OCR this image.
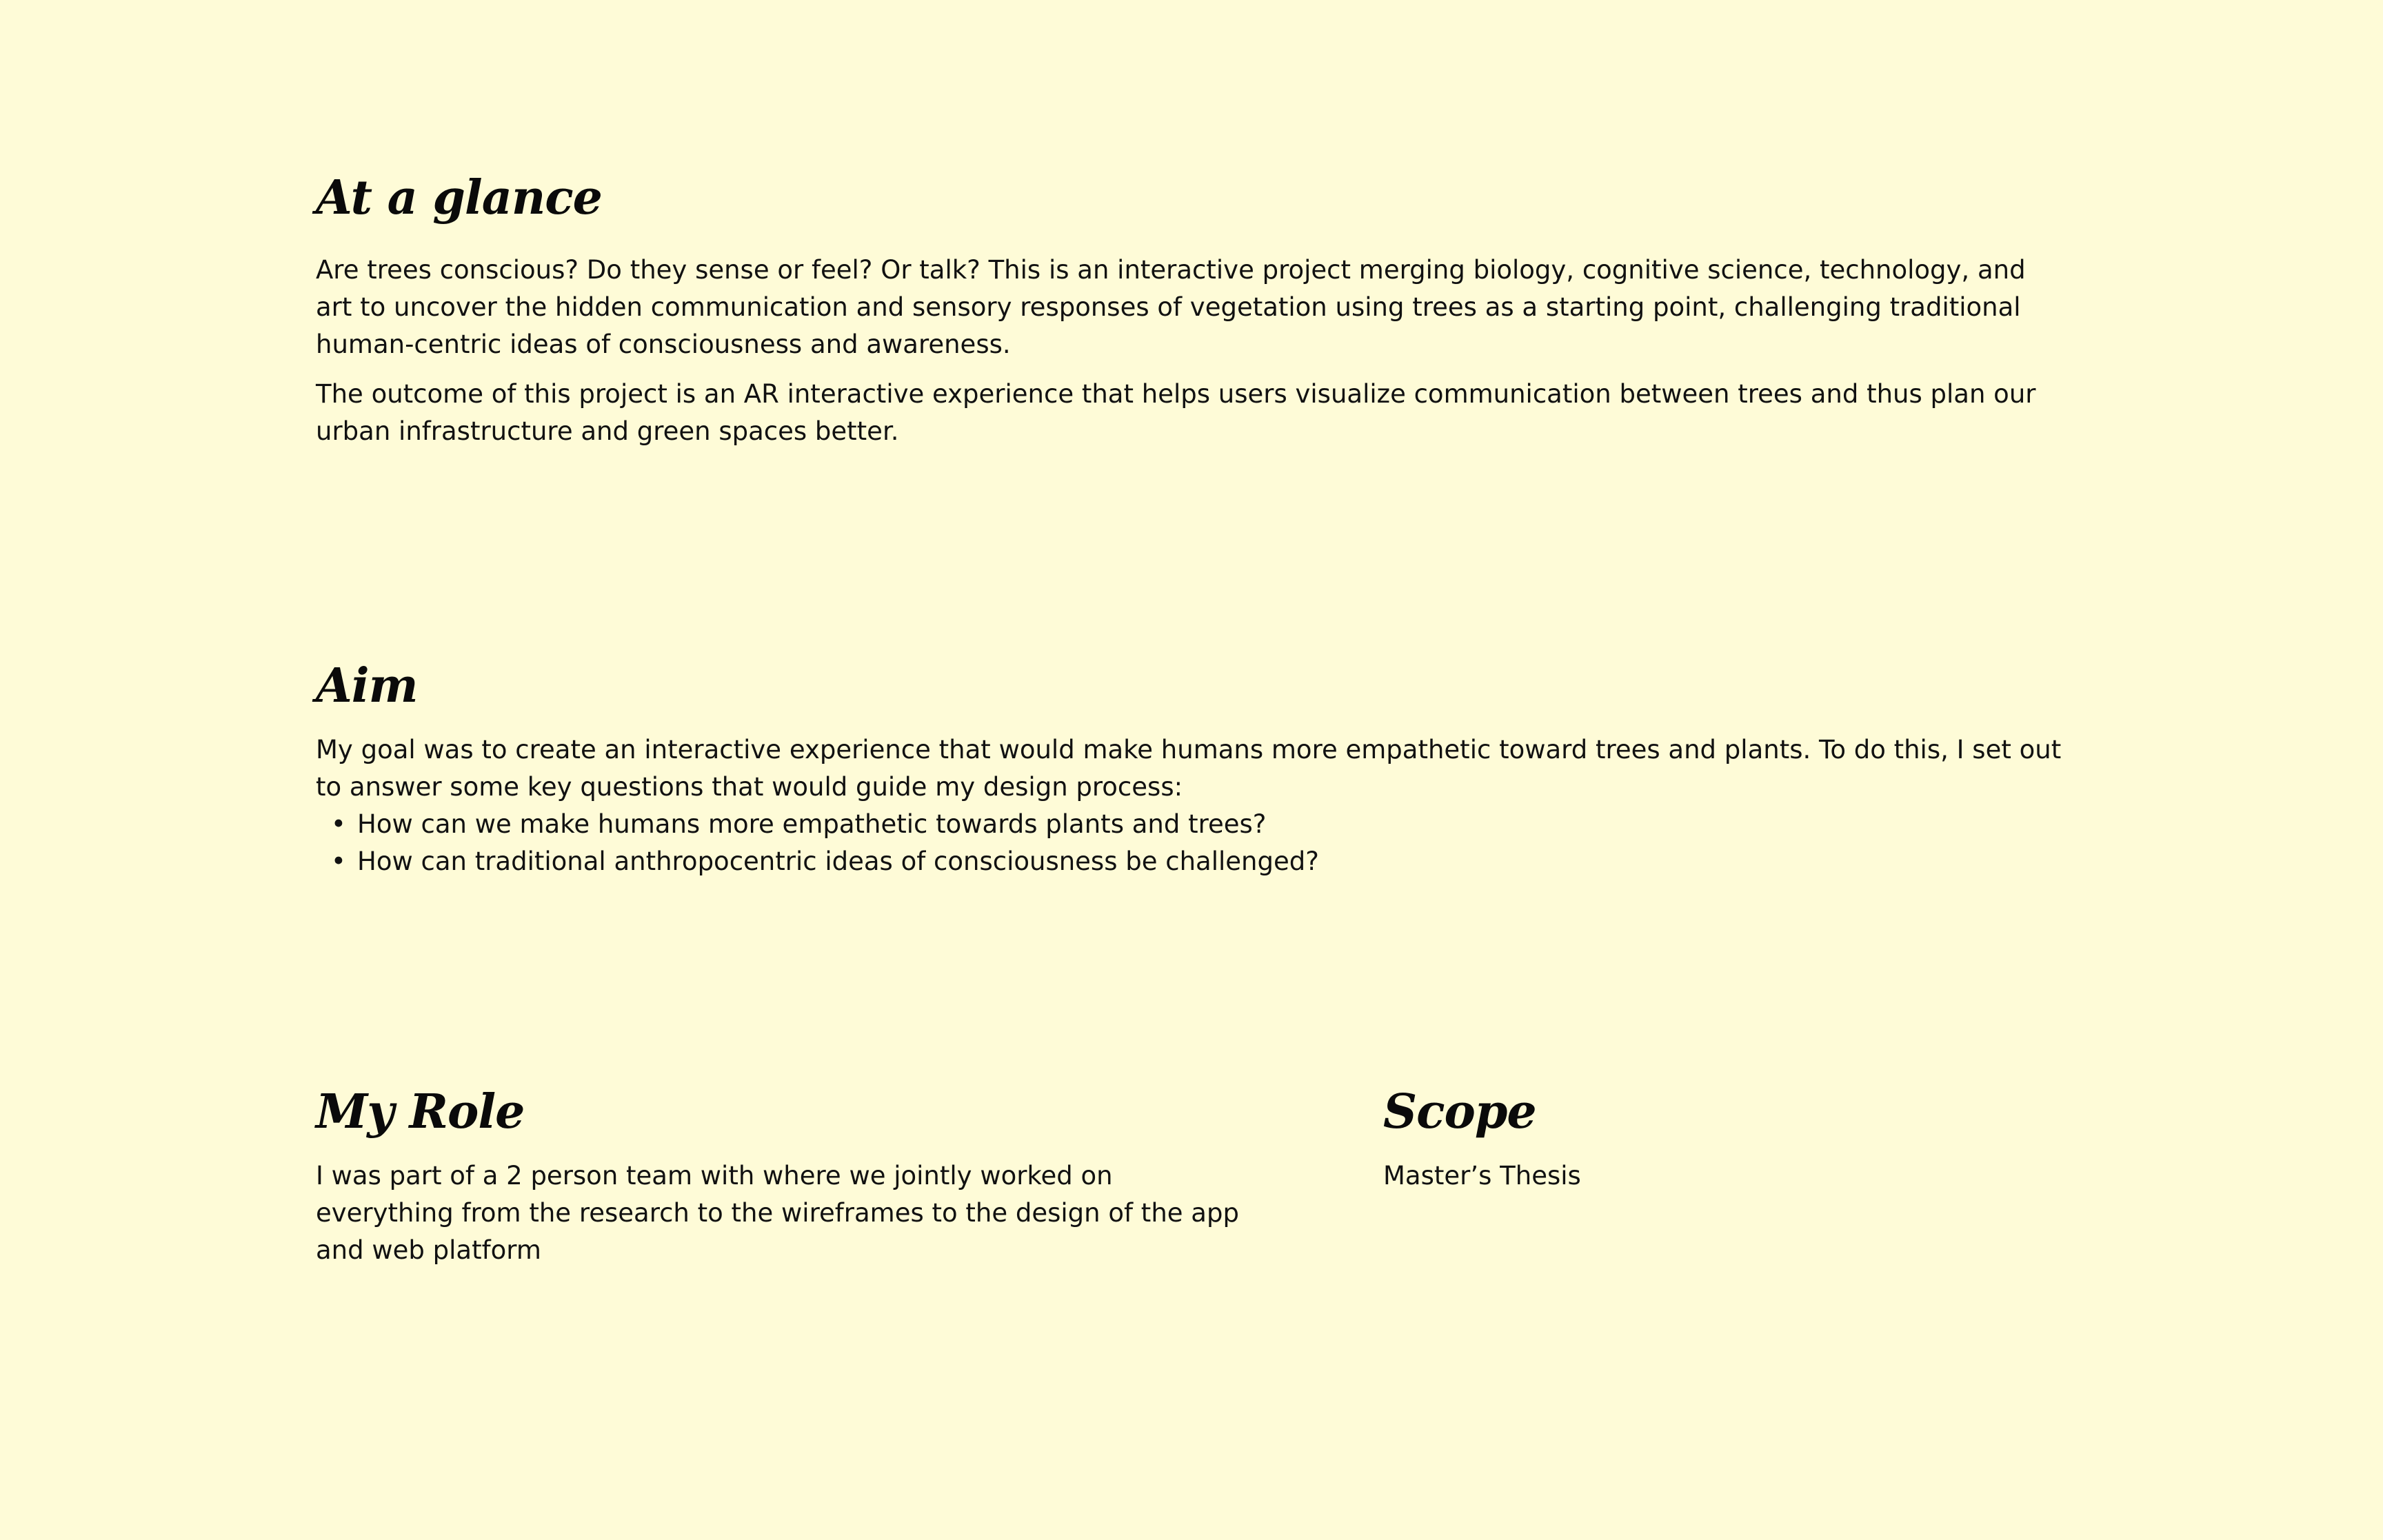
At a glance

Are trees conscious? Do they sense or feel? Or talk? This is an interactive project merging biology, cognitive science, technology, and art to uncover the hidden communication and sensory responses of vegetation using trees as a starting point, challenging traditional human-centric ideas of consciousness and awareness.

The outcome of this project is an AR interactive experience that helps users visualize communication between trees and thus plan our urban infrastructure and green spaces better.

Aim

My goal was to create an interactive experience that would make humans more empathetic toward trees and plants. To do this, I set out to answer some key questions that would guide my design process:

• How can we make humans more empathetic towards plants and trees?
• How can traditional anthropocentric ideas of consciousness be challenged?
My Role

I was part of a 2 person team with where we jointly worked on everything from the research to the wireframes to the design of the app and web platform

Scope

Master’s Thesis
